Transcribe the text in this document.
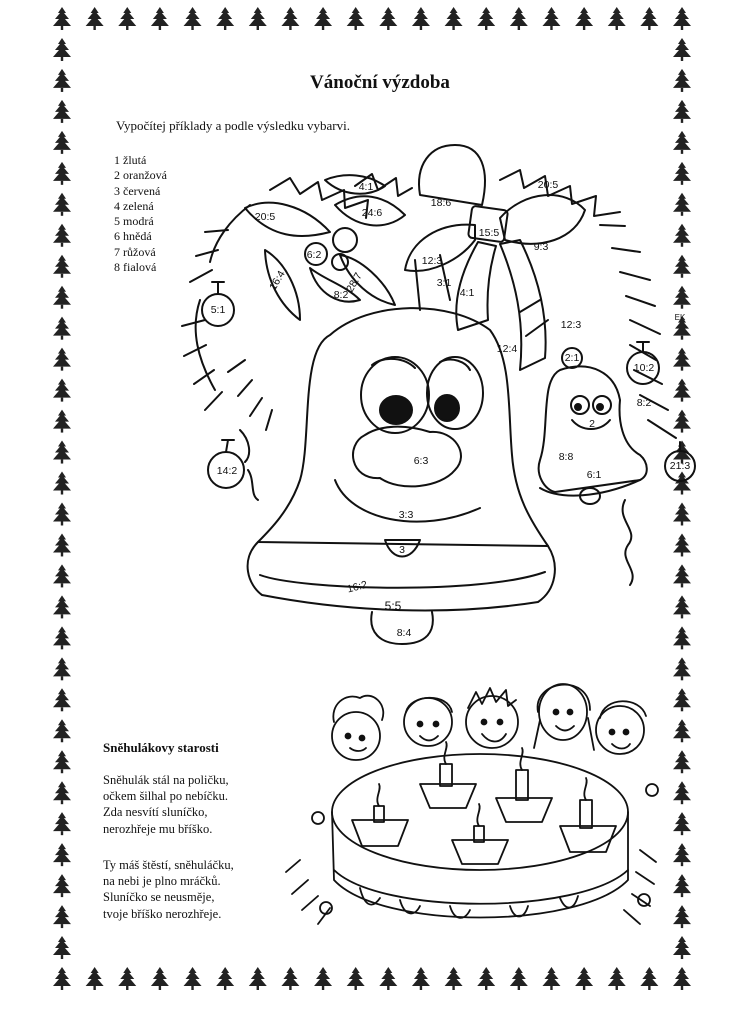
Vánoční výzdoba
Vypočítej příklady a podle výsledku vybarvi.
1 žlutá
2 oranžová
3 červená
4 zelená
5 modrá
6 hnědá
7 růžová
8 fialová
4:1	20:5
18:6
20:5	24:6
15:5
9:3
6:2	12:3
3:1
4:1
16:4	28:7
8:2
5:1
12:3
12:4
2:1
10:2
2
8:2
8:8
21:3
6:1
14:2
6:3
3:3
3
16:2
5:5
8:4
EK
Sněhulákovy starosti
Sněhulák stál na poličku,
očkem šilhal po nebíčku.
Zda nesvítí sluníčko,
nerozhřeje mu bříško.
Ty máš štěstí, sněhuláčku,
na nebi je plno mráčků.
Sluníčko se neusměje,
tvoje bříško nerozhřeje.
